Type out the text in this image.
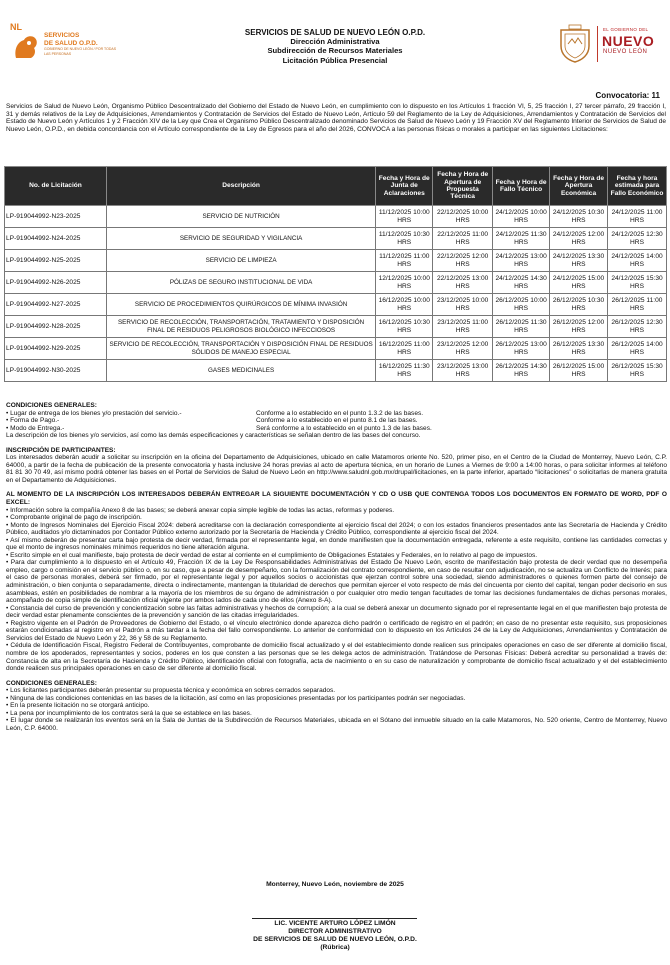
NL
SERVICIOS
DE SALUD O.P.D.
GOBIERNO DE NUEVO LEÓN / POR TODAS LAS PERSONAS
SERVICIOS DE SALUD DE NUEVO LEÓN O.P.D.
Dirección Administrativa
Subdirección de Recursos Materiales
Licitación Pública Presencial
EL GOBIERNO DEL
NUEVO
NUEVO LEÓN
Convocatoria: 11

Servicios de Salud de Nuevo León, Organismo Público Descentralizado del Gobierno del Estado de Nuevo León, en cumplimiento con lo dispuesto en los Artículos 1 fracción VI, 5, 25 fracción I, 27 tercer párrafo, 29 fracción I, 31 y demás relativos de la Ley de Adquisiciones, Arrendamientos y Contratación de Servicios del Estado de Nuevo León, Artículo 59 del Reglamento de la Ley de Adquisiciones, Arrendamientos y Contratación de Servicios del Estado de Nuevo León y Artículos 1 y 2 Fracción XIV de la Ley que Crea el Organismo Público Descentralizado denominado Servicios de Salud de Nuevo León y 19 Fracción XV del Reglamento Interior de Servicios de Salud de Nuevo León, O.P.D., en debida concordancia con el Artículo correspondiente de la Ley de Egresos para el año del 2026, CONVOCA a las personas físicas o morales a participar en las siguientes Licitaciones:

No. de Licitación	Descripción	Fecha y Hora de Junta de Aclaraciones	Fecha y Hora de Apertura de Propuesta Técnica	Fecha y Hora de Fallo Técnico	Fecha y Hora de Apertura Económica	Fecha y hora estimada para Fallo Económico
LP-919044992-N23-2025	SERVICIO DE NUTRICIÓN	11/12/2025 10:00 HRS	22/12/2025 10:00 HRS	24/12/2025 10:00 HRS	24/12/2025 10:30 HRS	24/12/2025 11:00 HRS
LP-919044992-N24-2025	SERVICIO DE SEGURIDAD Y VIGILANCIA	11/12/2025 10:30 HRS	22/12/2025 11:00 HRS	24/12/2025 11:30 HRS	24/12/2025 12:00 HRS	24/12/2025 12:30 HRS
LP-919044992-N25-2025	SERVICIO DE LIMPIEZA	11/12/2025 11:00 HRS	22/12/2025 12:00 HRS	24/12/2025 13:00 HRS	24/12/2025 13:30 HRS	24/12/2025 14:00 HRS
LP-919044992-N26-2025	PÓLIZAS DE SEGURO INSTITUCIONAL DE VIDA	12/12/2025 10:00 HRS	22/12/2025 13:00 HRS	24/12/2025 14:30 HRS	24/12/2025 15:00 HRS	24/12/2025 15:30 HRS
LP-919044992-N27-2025	SERVICIO DE PROCEDIMIENTOS QUIRÚRGICOS DE MÍNIMA INVASIÓN	16/12/2025 10:00 HRS	23/12/2025 10:00 HRS	26/12/2025 10:00 HRS	26/12/2025 10:30 HRS	26/12/2025 11:00 HRS
LP-919044992-N28-2025	SERVICIO DE RECOLECCIÓN, TRANSPORTACIÓN, TRATAMIENTO Y DISPOSICIÓN FINAL DE RESIDUOS PELIGROSOS BIOLÓGICO INFECCIOSOS	16/12/2025 10:30 HRS	23/12/2025 11:00 HRS	26/12/2025 11:30 HRS	26/12/2025 12:00 HRS	26/12/2025 12:30 HRS
LP-919044992-N29-2025	SERVICIO DE RECOLECCIÓN, TRANSPORTACIÓN Y DISPOSICIÓN FINAL DE RESIDUOS SÓLIDOS DE MANEJO ESPECIAL	16/12/2025 11:00 HRS	23/12/2025 12:00 HRS	26/12/2025 13:00 HRS	26/12/2025 13:30 HRS	26/12/2025 14:00 HRS
LP-919044992-N30-2025	GASES MEDICINALES	16/12/2025 11:30 HRS	23/12/2025 13:00 HRS	26/12/2025 14:30 HRS	26/12/2025 15:00 HRS	26/12/2025 15:30 HRS

CONDICIONES GENERALES:

• Lugar de entrega de los bienes y/o prestación del servicio.-	Conforme a lo establecido en el punto 1.3.2 de las bases.
• Forma de Pago.-	Conforme a lo establecido en el punto 8.1 de las bases.
• Modo de Entrega.-	Será conforme a lo establecido en el punto 1.3 de las bases.

La descripción de los bienes y/o servicios, así como las demás especificaciones y características se señalan dentro de las bases del concurso.

INSCRIPCIÓN DE PARTICIPANTES:

Los interesados deberán acudir a solicitar su inscripción en la oficina del Departamento de Adquisiciones, ubicado en calle Matamoros oriente No. 520, primer piso, en el Centro de la Ciudad de Monterrey, Nuevo León, C.P. 64000, a partir de la fecha de publicación de la presente convocatoria y hasta inclusive 24 horas previas al acto de apertura técnica, en un horario de Lunes a Viernes de 9:00 a 14:00 horas, o para solicitar informes al teléfono 81 81 30 70 49, así mismo podrá obtener las bases en el Portal de Servicios de Salud de Nuevo León en http://www.saludnl.gob.mx/drupal/licitaciones, en la parte inferior, apartado “licitaciones” o solicitarlas de manera gratuita en el Departamento de Adquisiciones.

AL MOMENTO DE LA INSCRIPCIÓN LOS INTERESADOS DEBERÁN ENTREGAR LA SIGUIENTE DOCUMENTACIÓN Y CD O USB QUE CONTENGA TODOS LOS DOCUMENTOS EN FORMATO DE WORD, PDF O EXCEL:

• Información sobre la compañía Anexo 8 de las bases; se deberá anexar copia simple legible de todas las actas, reformas y poderes.

• Comprobante original de pago de inscripción.

• Monto de Ingresos Nominales del Ejercicio Fiscal 2024: deberá acreditarse con la declaración correspondiente al ejercicio fiscal del 2024; o con los estados financieros presentados ante las Secretaría de Hacienda y Crédito Público, auditados y/o dictaminados por Contador Público externo autorizado por la Secretaría de Hacienda y Crédito Público, correspondiente al ejercicio fiscal del 2024.

• Así mismo deberán de presentar carta bajo protesta de decir verdad, firmada por el representante legal, en donde manifiesten que la documentación entregada, referente a este requisito, contiene las cantidades correctas y que el monto de ingresos nominales mínimos requeridos no tiene alteración alguna.

• Escrito simple en el cual manifieste, bajo protesta de decir verdad de estar al corriente en el cumplimiento de Obligaciones Estatales y Federales, en lo relativo al pago de impuestos.

• Para dar cumplimiento a lo dispuesto en el Artículo 49, Fracción IX de la Ley De Responsabilidades Administrativas del Estado De Nuevo León, escrito de manifestación bajo protesta de decir verdad que no desempeña empleo, cargo o comisión en el servicio público o, en su caso, que a pesar de desempeñarlo, con la formalización del contrato correspondiente, en caso de resultar con adjudicación, no se actualiza un Conflicto de Interés; para el caso de personas morales, deberá ser firmado, por el representante legal y por aquellos socios o accionistas que ejerzan control sobre una sociedad, siendo administradores o quienes formen parte del consejo de administración, o bien conjunta o separadamente, directa o indirectamente, mantengan la titularidad de derechos que permitan ejercer el voto respecto de más del cincuenta por ciento del capital, tengan poder decisorio en sus asambleas, estén en posibilidades de nombrar a la mayoría de los miembros de su órgano de administración o por cualquier otro medio tengan facultades de tomar las decisiones fundamentales de dichas personas morales, acompañado de copia simple de identificación oficial vigente por ambos lados de cada uno de ellos (Anexo 8-A).

• Constancia del curso de prevención y concientización sobre las faltas administrativas y hechos de corrupción; a la cual se deberá anexar un documento signado por el representante legal en el que manifiesten bajo protesta de decir verdad estar plenamente conscientes de la prevención y sanción de las citadas irregularidades.

• Registro vigente en el Padrón de Proveedores de Gobierno del Estado, o el vínculo electrónico donde aparezca dicho padrón o certificado de registro en el padrón; en caso de no presentar este requisito, sus proposiciones estarán condicionadas al registro en el Padrón a más tardar a la fecha del fallo correspondiente. Lo anterior de conformidad con lo dispuesto en los Artículos 24 de la Ley de Adquisiciones, Arrendamientos y Contratación de Servicios del Estado de Nuevo León y 22, 36 y 58 de su Reglamento.

• Cédula de Identificación Fiscal, Registro Federal de Contribuyentes, comprobante de domicilio fiscal actualizado y el del establecimiento donde realicen sus principales operaciones en caso de ser diferente al domicilio fiscal, nombre de los apoderados, representantes y socios, poderes en los que consten a las personas que se les delega actos de administración. Tratándose de Personas Físicas: Deberá acreditar su personalidad a través de: Constancia de alta en la Secretaría de Hacienda y Crédito Público, identificación oficial con fotografía, acta de nacimiento o en su caso de naturalización y comprobante de domicilio fiscal actualizado y el del establecimiento donde realicen sus principales operaciones en caso de ser diferente al domicilio fiscal.

CONDICIONES GENERALES:

• Los licitantes participantes deberán presentar su propuesta técnica y económica en sobres cerrados separados.

• Ninguna de las condiciones contenidas en las bases de la licitación, así como en las proposiciones presentadas por los participantes podrán ser negociadas.

• En la presente licitación no se otorgará anticipo.

• La pena por incumplimiento de los contratos será la que se establece en las bases.

• El lugar donde se realizarán los eventos será en la Sala de Juntas de la Subdirección de Recursos Materiales, ubicada en el Sótano del inmueble situado en la calle Matamoros, No. 520 oriente, Centro de Monterrey, Nuevo León, C.P. 64000.

Monterrey, Nuevo León, noviembre de 2025
LIC. VICENTE ARTURO LÓPEZ LIMÓN
DIRECTOR ADMINISTRATIVO
DE SERVICIOS DE SALUD DE NUEVO LEÓN, O.P.D.
(Rúbrica)
